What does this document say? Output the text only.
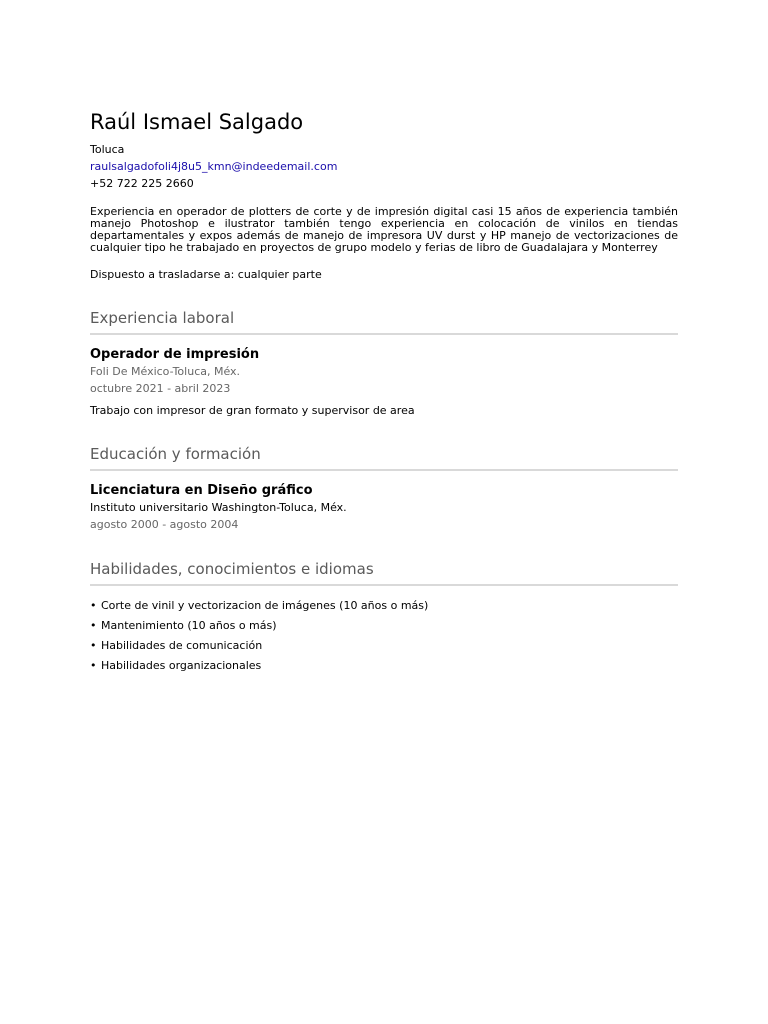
Raúl Ismael Salgado
Toluca
raulsalgadofoli4j8u5_kmn@indeedemail.com
+52 722 225 2660
Experiencia en operador de plotters de corte y de impresión digital casi 15 años de experiencia también manejo Photoshop e ilustrator también tengo experiencia en colocación de vinilos en tiendas departamentales y expos además de manejo de impresora UV durst y HP manejo de vectorizaciones de cualquier tipo he trabajado en proyectos de grupo modelo y ferias de libro de Guadalajara y Monterrey
Dispuesto a trasladarse a: cualquier parte
Experiencia laboral
Operador de impresión
Foli De México-Toluca, Méx.
octubre 2021 - abril 2023
Trabajo con impresor de gran formato y supervisor de area
Educación y formación
Licenciatura en Diseño gráfico
Instituto universitario Washington-Toluca, Méx.
agosto 2000 - agosto 2004
Habilidades, conocimientos e idiomas
• Corte de vinil y vectorizacion de imágenes (10 años o más)
• Mantenimiento (10 años o más)
• Habilidades de comunicación
• Habilidades organizacionales
